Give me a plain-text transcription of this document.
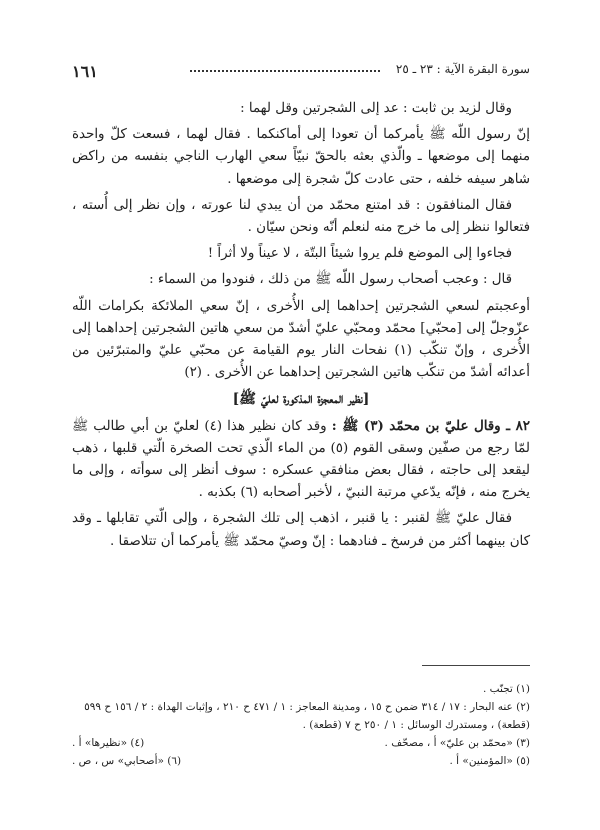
١٦١	سورة البقرة الآية : ٢٣ ـ ٢٥

وقال لزيد بن ثابت : عد إلى الشجرتين وقل لهما :

إنّ رسول اللّه ﷺ يأمركما أن تعودا إلى أماكنكما . فقال لهما ، فسعت كلّ واحدة منهما إلى موضعها ـ والّذي بعثه بالحقّ نبيّاً سعي الهارب الناجي بنفسه من راكض شاهر سيفه خلفه ، حتى عادت كلّ شجرة إلى موضعها .

فقال المنافقون : قد امتنع محمّد من أن يبدي لنا عورته ، وإن نظر إلى أُسته ، فتعالوا ننظر إلى ما خرج منه لنعلم أنّه ونحن سيّان .

فجاءوا إلى الموضع فلم يروا شيئاً البتّة ، لا عيناً ولا أثراً !

قال : وعجب أصحاب رسول اللّه ﷺ من ذلك ، فنودوا من السماء :

أوعجبتم لسعي الشجرتين إحداهما إلى الأُخرى ، إنّ سعي الملائكة بكرامات اللّه عزّوجلّ إلى [محبّي] محمّد ومحبّي عليّ أشدّ من سعي هاتين الشجرتين إحداهما إلى الأُخرى ، وإنّ تنكّب (١) نفحات النار يوم القيامة عن محبّي عليّ والمتبرّئين من أعدائه أشدّ من تنكّب هاتين الشجرتين إحداهما عن الأُخرى . (٢)

[نظير المعجزة المذكورة لعليّ ﷺ]

٨٢ ـ وقال عليّ بن محمّد (٣) ﷺ : وقد كان نظير هذا (٤) لعليّ بن أبي طالب ﷺ لمّا رجع من صفّين وسقى القوم (٥) من الماء الّذي تحت الصخرة الّتي قلبها ، ذهب ليقعد إلى حاجته ، فقال بعض منافقي عسكره : سوف أنظر إلى سوأته ، وإلى ما يخرج منه ، فإنّه يدّعي مرتبة النبيّ ، لأخبر أصحابه (٦) بكذبه .

فقال عليّ ﷺ لقنبر : يا قنبر ، اذهب إلى تلك الشجرة ، وإلى الّتي تقابلها ـ وقد كان بينهما أكثر من فرسخ ـ فنادهما : إنّ وصيّ محمّد ﷺ يأمركما أن تتلاصقا .

(١) تجنّب .
(٢) عنه البحار : ١٧ / ٣١٤ ضمن ح ١٥ ، ومدينة المعاجز : ١ / ٤٧١ ح ٢١٠ ، وإثبات الهداة : ٢ / ١٥٦ ح ٥٩٩ (قطعة) ، ومستدرك الوسائل : ١ / ٢٥٠ ح ٧ (قطعة) .
(٣) «محمّد بن عليّ» أ ، مصحّف .
(٤) «نظيرها» أ .
(٥) «المؤمنين» أ .
(٦) «أصحابي» س ، ص .
